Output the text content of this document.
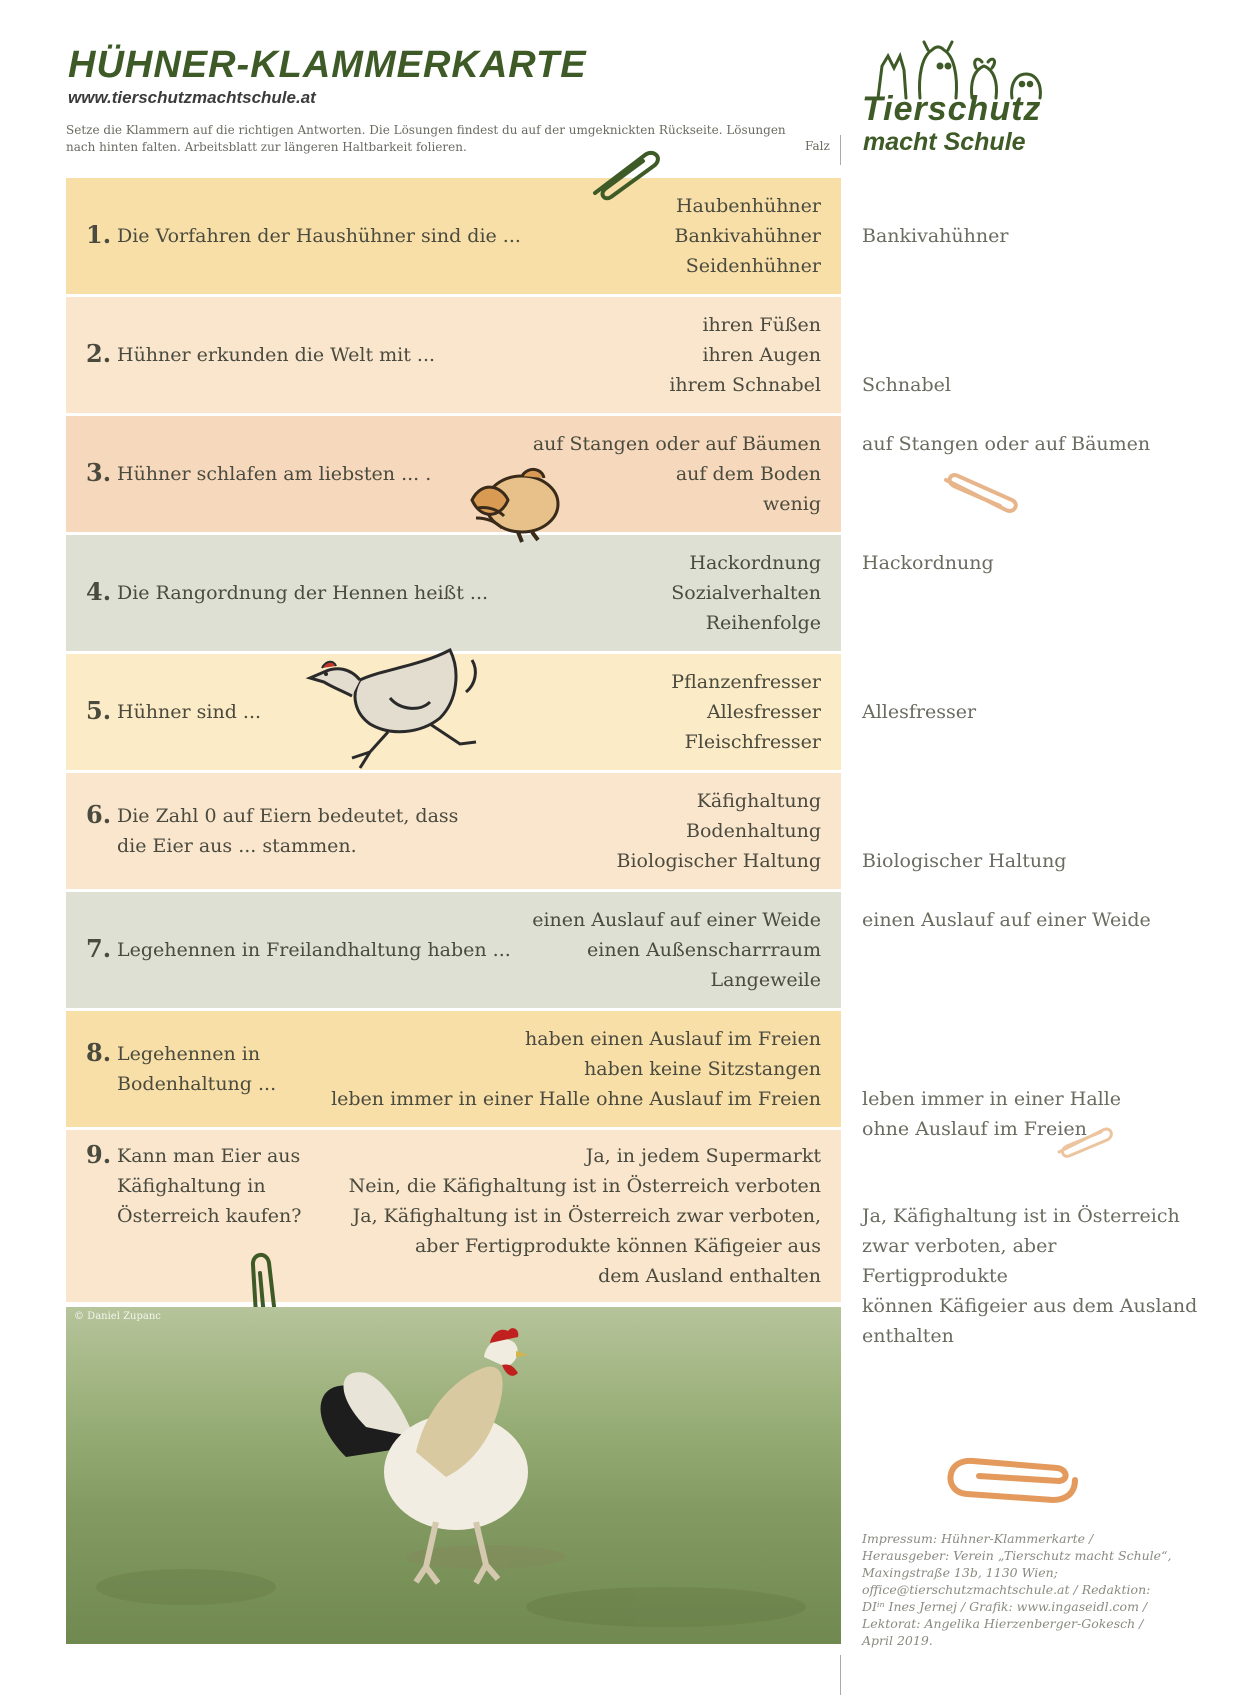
HÜHNER-KLAMMERKARTE
www.tierschutzmachtschule.at
Setze die Klammern auf die richtigen Antworten. Die Lösungen findest du auf der umgeknickten Rückseite. Lösungen nach hinten falten. Arbeitsblatt zur längeren Haltbarkeit folieren.	Falz
Tierschutz
macht Schule
1. Die Vorfahren der Haushühner sind die ...
Haubenhühner
Bankivahühner
Seidenhühner
Bankivahühner
2. Hühner erkunden die Welt mit ...
ihren Füßen
ihren Augen
ihrem Schnabel Schnabel
3. Hühner schlafen am liebsten ... .
auf Stangen oder auf Bäumen
auf dem Boden
wenig
auf Stangen oder auf Bäumen
4. Die Rangordnung der Hennen heißt ...
Hackordnung
Sozialverhalten
Reihenfolge
Hackordnung
5. Hühner sind ...
Pflanzenfresser
Allesfresser
Fleischfresser
Allesfresser
6. Die Zahl 0 auf Eiern bedeutet, dass
die Eier aus ... stammen.
Käfighaltung
Bodenhaltung
Biologischer Haltung Biologischer Haltung
7. Legehennen in Freilandhaltung haben ...
einen Auslauf auf einer Weide
einen Außenscharrraum
Langeweile
einen Auslauf auf einer Weide
8. Legehennen in
Bodenhaltung ...
haben einen Auslauf im Freien
haben keine Sitzstangen
leben immer in einer Halle ohne Auslauf im Freien leben immer in einer Halle
ohne Auslauf im Freien
9. Kann man Eier aus
Käfighaltung in
Österreich kaufen?
Ja, in jedem Supermarkt
Nein, die Käfighaltung ist in Österreich verboten
Ja, Käfighaltung ist in Österreich zwar verboten,
aber Fertigprodukte können Käfigeier aus
dem Ausland enthalten
Ja, Käfighaltung ist in Österreich
zwar verboten, aber Fertigprodukte
können Käfigeier aus dem Ausland
enthalten
© Daniel Zupanc
Impressum: Hühner-Klammerkarte /
Herausgeber: Verein „Tierschutz macht Schule“,
Maxingstraße 13b, 1130 Wien;
office@tierschutzmachtschule.at / Redaktion:
DIⁱⁿ Ines Jernej / Grafik: www.ingaseidl.com /
Lektorat: Angelika Hierzenberger-Gokesch /
April 2019.
